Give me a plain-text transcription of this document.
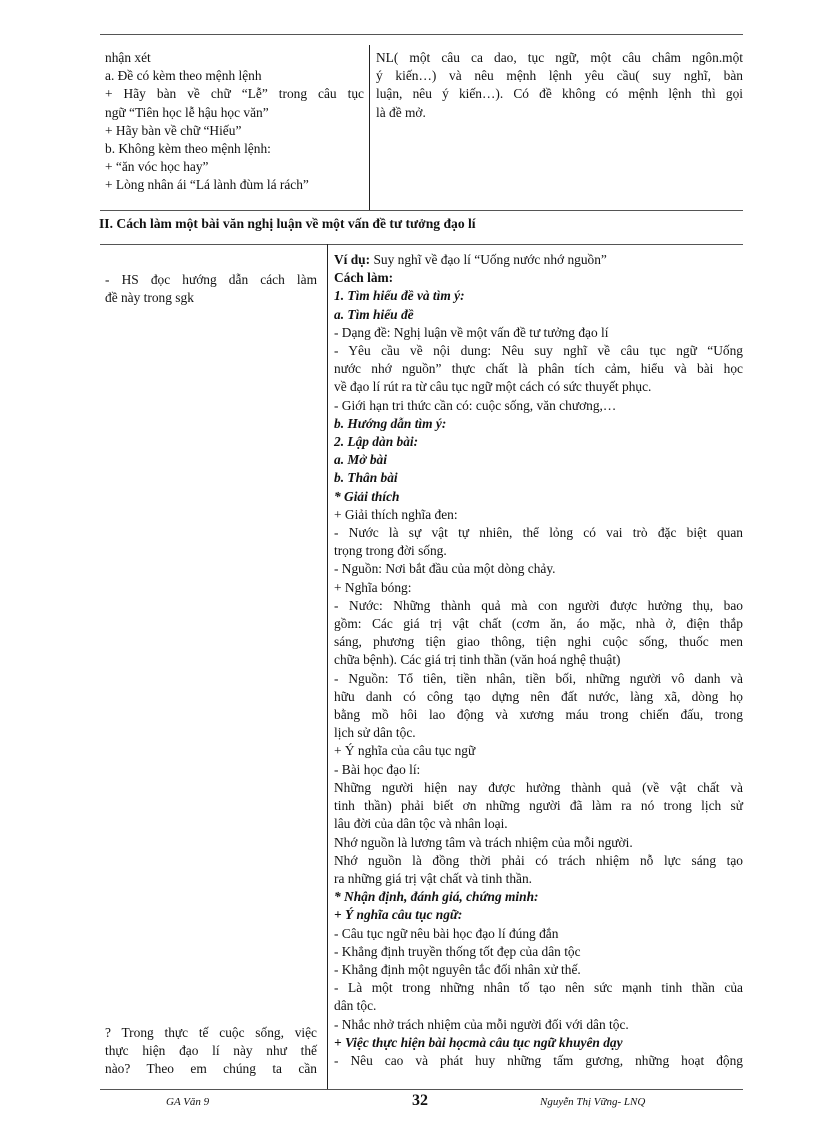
nhận xét
a. Đề có kèm theo mệnh lệnh
+ Hãy bàn về chữ “Lễ” trong câu tục
ngữ “Tiên học lễ hậu học văn”
+ Hãy bàn về chữ “Hiếu”
b. Không kèm theo mệnh lệnh:
+ “ăn vóc học hay”
+ Lòng nhân ái “Lá lành đùm lá rách”
NL( một câu ca dao, tục ngữ, một câu châm ngôn.một
ý kiến…) và nêu mệnh lệnh yêu cầu( suy nghĩ, bàn
luận, nêu ý kiến…). Có đề không có mệnh lệnh thì gọi
là đề mở.
II. Cách làm một bài văn nghị luận về một vấn đề tư tưởng đạo lí
- HS đọc hướng dẫn cách làm
đề này trong sgk
? Trong thực tế cuộc sống, việc
thực hiện đạo lí này như thế
nào? Theo em chúng ta cần
Ví dụ: Suy nghĩ về đạo lí “Uống nước nhớ nguồn”
Cách làm:
1. Tìm hiểu đề và tìm ý:
a. Tìm hiểu đề
- Dạng đề: Nghị luận về một vấn đề tư tưởng đạo lí
- Yêu cầu về nội dung: Nêu suy nghĩ về câu tục ngữ “Uống
nước nhớ nguồn” thực chất là phân tích cảm, hiểu và bài học
về đạo lí rút ra từ câu tục ngữ một cách có sức thuyết phục.
- Giới hạn tri thức cần có: cuộc sống, văn chương,…
b. Hướng dẫn tìm ý:
2. Lập dàn bài:
a. Mở bài
b. Thân bài
* Giải thích
+ Giải thích nghĩa đen:
- Nước là sự vật tự nhiên, thể lỏng có vai trò đặc biệt quan
trọng trong đời sống.
- Nguồn: Nơi bắt đầu của một dòng chảy.
+ Nghĩa bóng:
- Nước: Những thành quả mà con người được hưởng thụ, bao
gồm: Các giá trị vật chất (cơm ăn, áo mặc, nhà ở, điện thắp
sáng, phương tiện giao thông, tiện nghi cuộc sống, thuốc men
chữa bệnh). Các giá trị tinh thần (văn hoá nghệ thuật)
- Nguồn: Tổ tiên, tiền nhân, tiền bối, những người vô danh và
hữu danh có công tạo dựng nên đất nước, làng xã, dòng họ
bằng mồ hôi lao động và xương máu trong chiến đấu, trong
lịch sử dân tộc.
+ Ý nghĩa của câu tục ngữ
- Bài học đạo lí:
Những người hiện nay được hưởng thành quả (về vật chất và
tinh thần) phải biết ơn những người đã làm ra nó trong lịch sử
lâu đời của dân tộc và nhân loại.
Nhớ nguồn là lương tâm và trách nhiệm của mỗi người.
Nhớ nguồn là đồng thời phải có trách nhiệm nỗ lực sáng tạo
ra những giá trị vật chất và tinh thần.
* Nhận định, đánh giá, chứng minh:
+ Ý nghĩa câu tục ngữ:
- Câu tục ngữ nêu bài học đạo lí đúng đắn
- Khẳng định truyền thống tốt đẹp của dân tộc
- Khẳng định một nguyên tắc đối nhân xử thế.
- Là một trong những nhân tố tạo nên sức mạnh tinh thần của
dân tộc.
- Nhắc nhở trách nhiệm của mỗi người đối với dân tộc.
+ Việc thực hiện bài họcmà câu tục ngữ khuyên dạy
- Nêu cao và phát huy những tấm gương, những hoạt động
GA Văn 9	32	Nguyễn Thị Vững- LNQ
